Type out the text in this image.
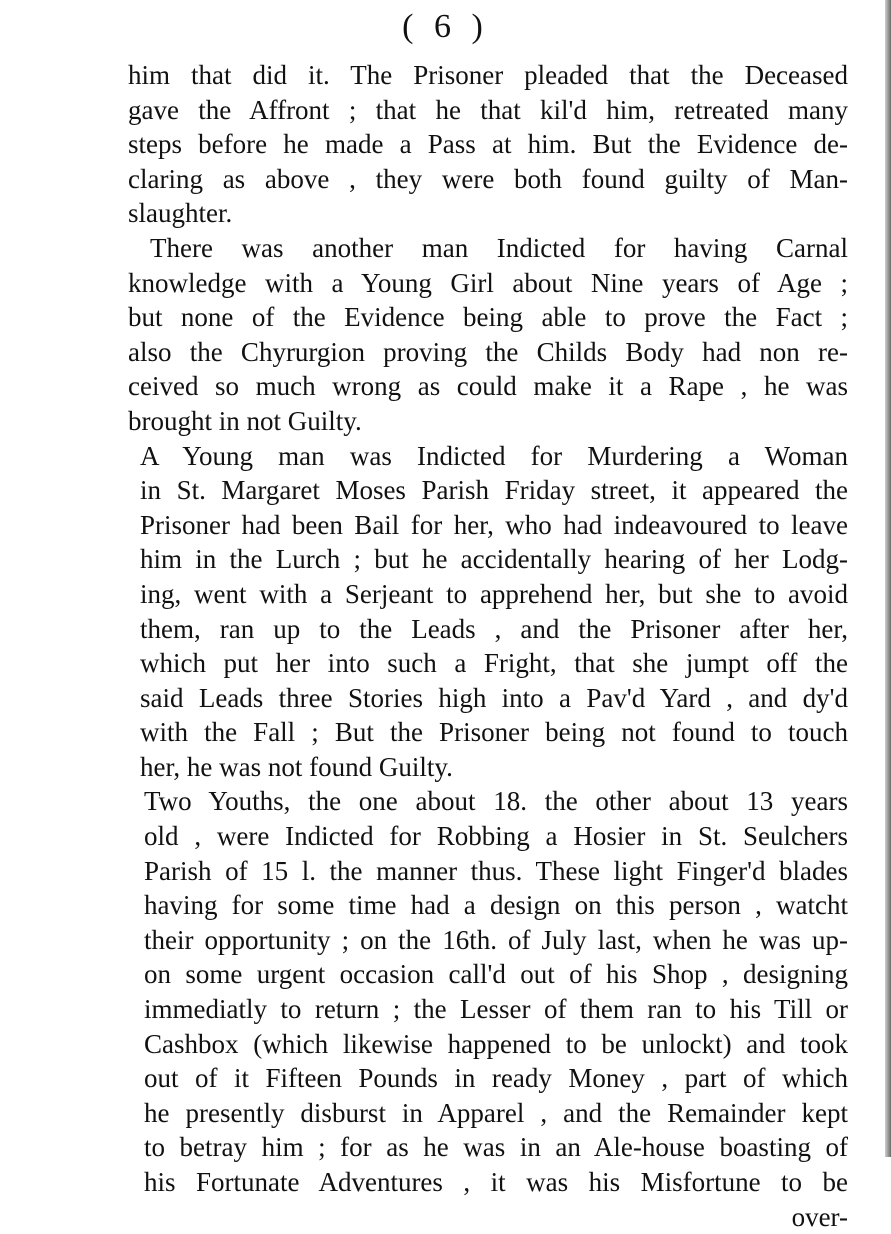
( 6 )
him that did it. The Prisoner pleaded that the Deceased
gave the Affront ; that he that kil'd him, retreated many
steps before he made a Pass at him. But the Evidence de-
claring as above , they were both found guilty of Man-
slaughter.
There was another man Indicted for having Carnal
knowledge with a Young Girl about Nine years of Age ;
but none of the Evidence being able to prove the Fact ;
also the Chyrurgion proving the Childs Body had non re-
ceived so much wrong as could make it a Rape , he was
brought in not Guilty.
A Young man was Indicted for Murdering a Woman
in St. Margaret Moses Parish Friday street, it appeared the
Prisoner had been Bail for her, who had indeavoured to leave
him in the Lurch ; but he accidentally hearing of her Lodg-
ing, went with a Serjeant to apprehend her, but she to avoid
them, ran up to the Leads , and the Prisoner after her,
which put her into such a Fright, that she jumpt off the
said Leads three Stories high into a Pav'd Yard , and dy'd
with the Fall ; But the Prisoner being not found to touch
her, he was not found Guilty.
Two Youths, the one about 18. the other about 13 years
old , were Indicted for Robbing a Hosier in St. Seulchers
Parish of 15 l. the manner thus. These light Finger'd blades
having for some time had a design on this person , watcht
their opportunity ; on the 16th. of July last, when he was up-
on some urgent occasion call'd out of his Shop , designing
immediatly to return ; the Lesser of them ran to his Till or
Cashbox (which likewise happened to be unlockt) and took
out of it Fifteen Pounds in ready Money , part of which
he presently disburst in Apparel , and the Remainder kept
to betray him ; for as he was in an Ale-house boasting of
his Fortunate Adventures , it was his Misfortune to be
over-
